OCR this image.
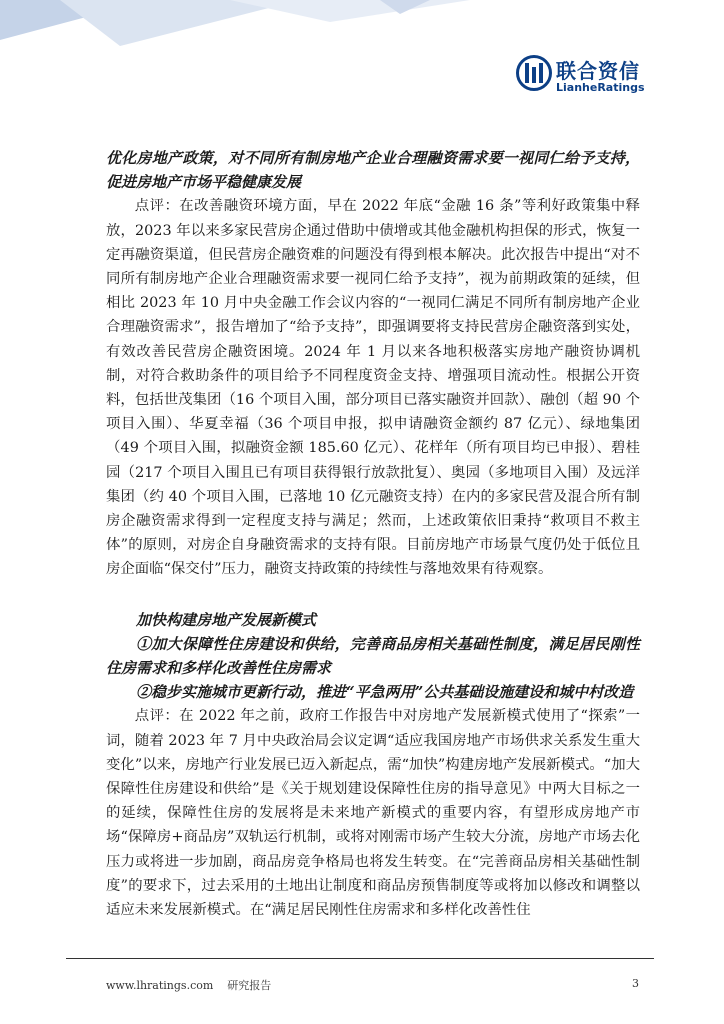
联合资信
LianheRatings

优化房地产政策，对不同所有制房地产企业合理融资需求要一视同仁给予支持，促进房地产市场平稳健康发展

点评：在改善融资环境方面，早在 2022 年底“金融 16 条”等利好政策集中释放，2023 年以来多家民营房企通过借助中债增或其他金融机构担保的形式，恢复一定再融资渠道，但民营房企融资难的问题没有得到根本解决。此次报告中提出“对不同所有制房地产企业合理融资需求要一视同仁给予支持”，视为前期政策的延续，但相比 2023 年 10 月中央金融工作会议内容的“一视同仁满足不同所有制房地产企业合理融资需求”，报告增加了“给予支持”，即强调要将支持民营房企融资落到实处，有效改善民营房企融资困境。2024 年 1 月以来各地积极落实房地产融资协调机制，对符合救助条件的项目给予不同程度资金支持、增强项目流动性。根据公开资料，包括世茂集团（16 个项目入围，部分项目已落实融资并回款）、融创（超 90 个项目入围）、华夏幸福（36 个项目申报，拟申请融资金额约 87 亿元）、绿地集团（49 个项目入围，拟融资金额 185.60 亿元）、花样年（所有项目均已申报）、碧桂园（217 个项目入围且已有项目获得银行放款批复）、奥园（多地项目入围）及远洋集团（约 40 个项目入围，已落地 10 亿元融资支持）在内的多家民营及混合所有制房企融资需求得到一定程度支持与满足；然而，上述政策依旧秉持“救项目不救主体”的原则，对房企自身融资需求的支持有限。目前房地产市场景气度仍处于低位且房企面临“保交付”压力，融资支持政策的持续性与落地效果有待观察。

加快构建房地产发展新模式

①加大保障性住房建设和供给，完善商品房相关基础性制度，满足居民刚性住房需求和多样化改善性住房需求

②稳步实施城市更新行动，推进“平急两用”公共基础设施建设和城中村改造

点评：在 2022 年之前，政府工作报告中对房地产发展新模式使用了“探索”一词，随着 2023 年 7 月中央政治局会议定调“适应我国房地产市场供求关系发生重大变化”以来，房地产行业发展已迈入新起点，需“加快”构建房地产发展新模式。“加大保障性住房建设和供给”是《关于规划建设保障性住房的指导意见》中两大目标之一的延续，保障性住房的发展将是未来地产新模式的重要内容，有望形成房地产市场“保障房+商品房”双轨运行机制，或将对刚需市场产生较大分流，房地产市场去化压力或将进一步加剧，商品房竞争格局也将发生转变。在“完善商品房相关基础性制度”的要求下，过去采用的土地出让制度和商品房预售制度等或将加以修改和调整以适应未来发展新模式。在“满足居民刚性住房需求和多样化改善性住

www.lhratings.com 研究报告	3
